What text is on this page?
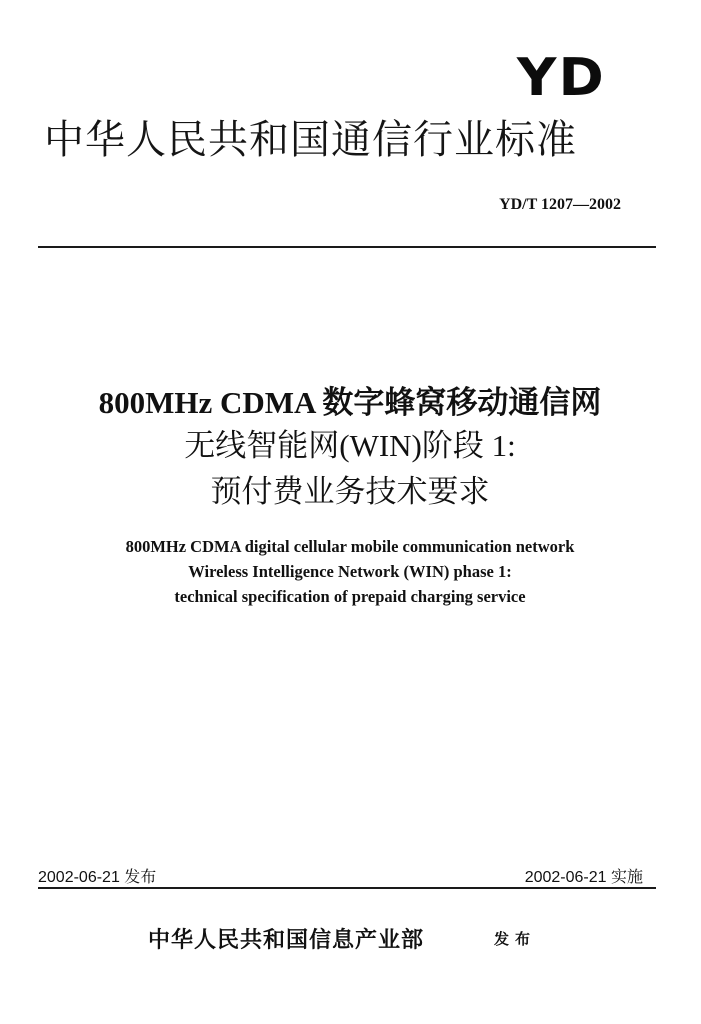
YD
中华人民共和国通信行业标准
YD/T 1207—2002
800MHz CDMA 数字蜂窝移动通信网
无线智能网(WIN)阶段 1:
预付费业务技术要求
800MHz CDMA digital cellular mobile communication network
Wireless Intelligence Network (WIN) phase 1:
technical specification of prepaid charging service
2002-06-21 发布	2002-06-21 实施
中华人民共和国信息产业部	发布
